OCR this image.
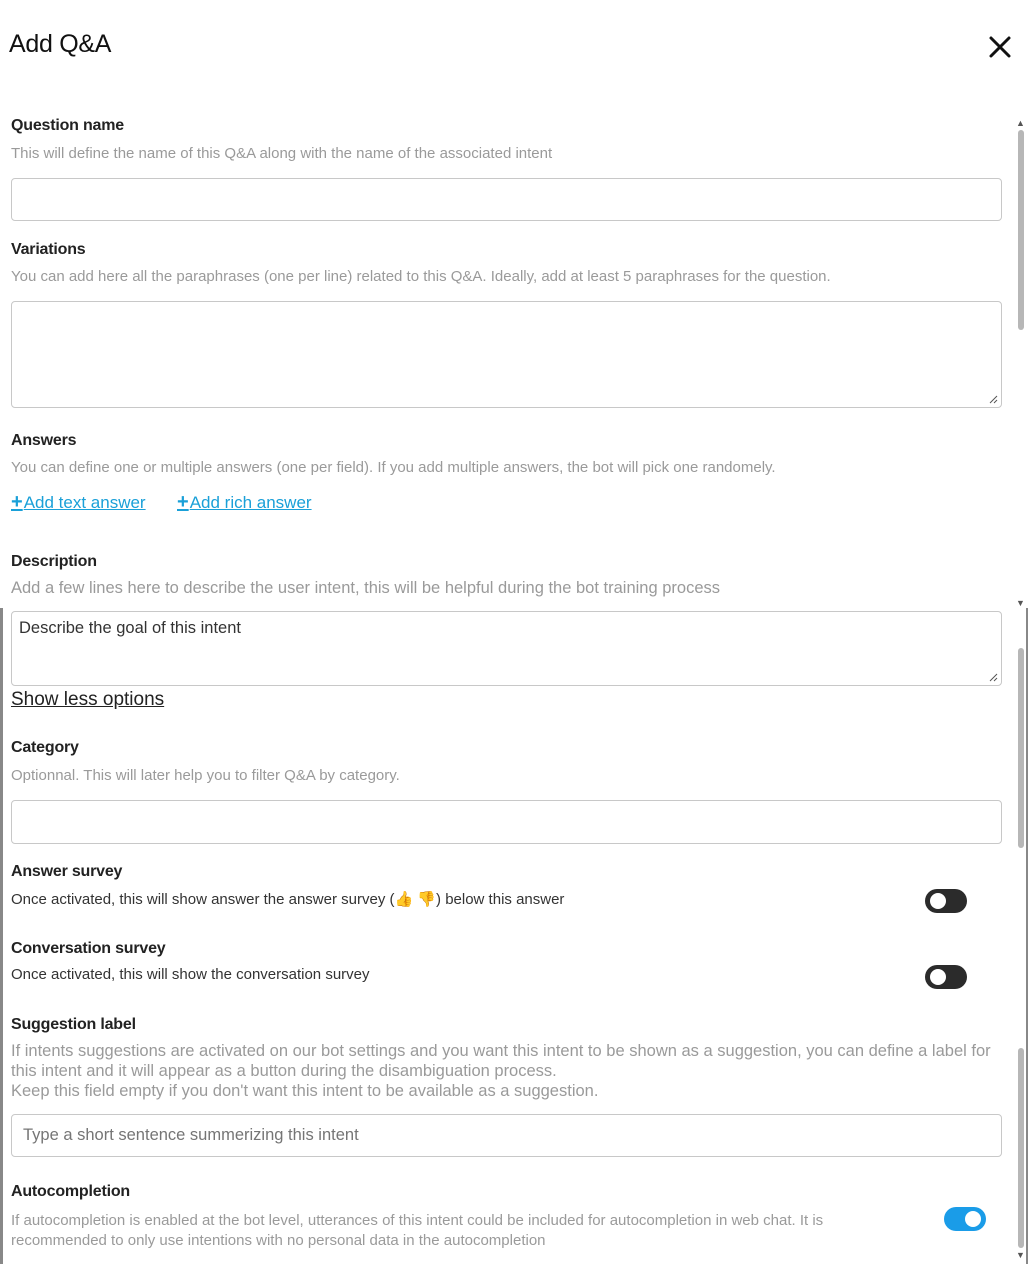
Add Q&A
Question name
This will define the name of this Q&A along with the name of the associated intent
Variations
You can add here all the paraphrases (one per line) related to this Q&A. Ideally, add at least 5 paraphrases for the question.
Answers
You can define one or multiple answers (one per field). If you add multiple answers, the bot will pick one randomely.
+ Add text answer + Add rich answer
Description
Add a few lines here to describe the user intent, this will be helpful during the bot training process
Describe the goal of this intent
Show less options
Category
Optionnal. This will later help you to filter Q&A by category.
Answer survey
Once activated, this will show answer the answer survey (👍 👎) below this answer
Conversation survey
Once activated, this will show the conversation survey
Suggestion label
If intents suggestions are activated on our bot settings and you want this intent to be shown as a suggestion, you can define a label for this intent and it will appear as a button during the disambiguation process.
Keep this field empty if you don't want this intent to be available as a suggestion.
Type a short sentence summerizing this intent
Autocompletion
If autocompletion is enabled at the bot level, utterances of this intent could be included for autocompletion in web chat. It is recommended to only use intentions with no personal data in the autocompletion
▲
▼
▼
